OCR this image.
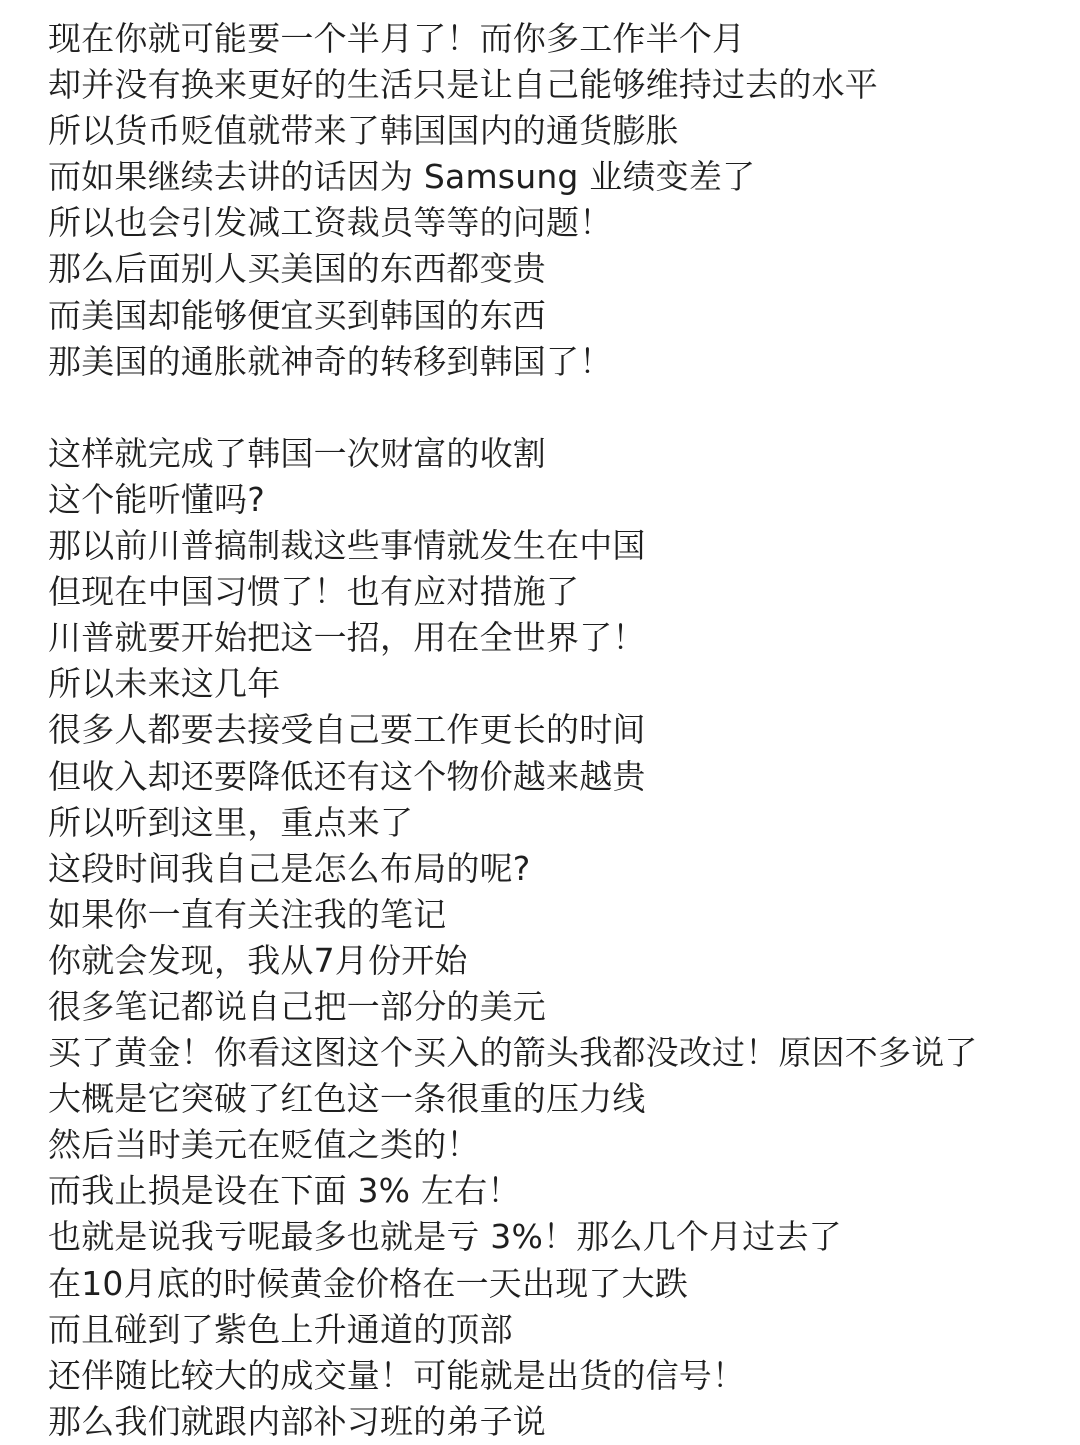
现在你就可能要一个半月了！而你多工作半个月
却并没有换来更好的生活只是让自己能够维持过去的水平
所以货币贬值就带来了韩国国内的通货膨胀
而如果继续去讲的话因为 Samsung 业绩变差了
所以也会引发减工资裁员等等的问题！
那么后面别人买美国的东西都变贵
而美国却能够便宜买到韩国的东西
那美国的通胀就神奇的转移到韩国了！
这样就完成了韩国一次财富的收割
这个能听懂吗?
那以前川普搞制裁这些事情就发生在中国
但现在中国习惯了！也有应对措施了
川普就要开始把这一招，用在全世界了！
所以未来这几年
很多人都要去接受自己要工作更长的时间
但收入却还要降低还有这个物价越来越贵
所以听到这里，重点来了
这段时间我自己是怎么布局的呢?
如果你一直有关注我的笔记
你就会发现，我从7月份开始
很多笔记都说自己把一部分的美元
买了黄金！你看这图这个买入的箭头我都没改过！原因不多说了
大概是它突破了红色这一条很重的压力线
然后当时美元在贬值之类的！
而我止损是设在下面 3% 左右！
也就是说我亏呢最多也就是亏 3%！那么几个月过去了
在10月底的时候黄金价格在一天出现了大跌
而且碰到了紫色上升通道的顶部
还伴随比较大的成交量！可能就是出货的信号！
那么我们就跟内部补习班的弟子说
